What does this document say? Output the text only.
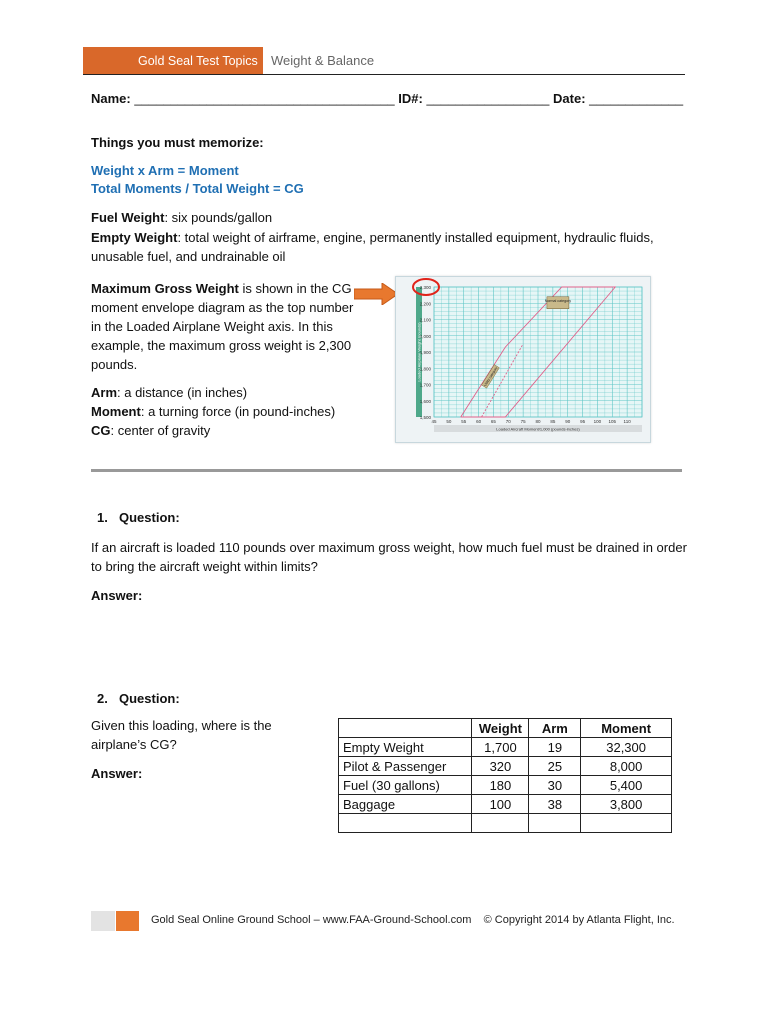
Gold Seal Test Topics	Weight & Balance
Name: ____________________________________ ID#: _________________ Date: _____________
Things you must memorize:
Weight x Arm = Moment
Total Moments / Total Weight = CG
Fuel Weight: six pounds/gallon
Empty Weight: total weight of airframe, engine, permanently installed equipment, hydraulic fluids, unusable fuel, and undrainable oil
Maximum Gross Weight is shown in the CG moment envelope diagram as the top number in the Loaded Airplane Weight axis. In this example, the maximum gross weight is 2,300 pounds.
Arm: a distance (in inches)
Moment: a turning force (in pound-inches)
CG: center of gravity
2,300
2,200
2,100
2,000
1,900
1,800
1,700
1,600
1,500
45 50 55 60 65 70 75 80 85 90 95 100 105 110
Loaded Aircraft Moment/1,000 (pounds-inches)
Loaded Airplane Weight (pounds)
Normal category
Utility category
1. Question:
If an aircraft is loaded 110 pounds over maximum gross weight, how much fuel must be drained in order to bring the aircraft weight within limits?
Answer:
2. Question:
Given this loading, where is the airplane’s CG?
Answer:
	Weight	Arm	Moment
Empty Weight	1,700	19	32,300
Pilot & Passenger	320	25	8,000
Fuel (30 gallons)	180	30	5,400
Baggage	100	38	3,800

Gold Seal Online Ground School – www.FAA-Ground-School.com © Copyright 2014 by Atlanta Flight, Inc.
